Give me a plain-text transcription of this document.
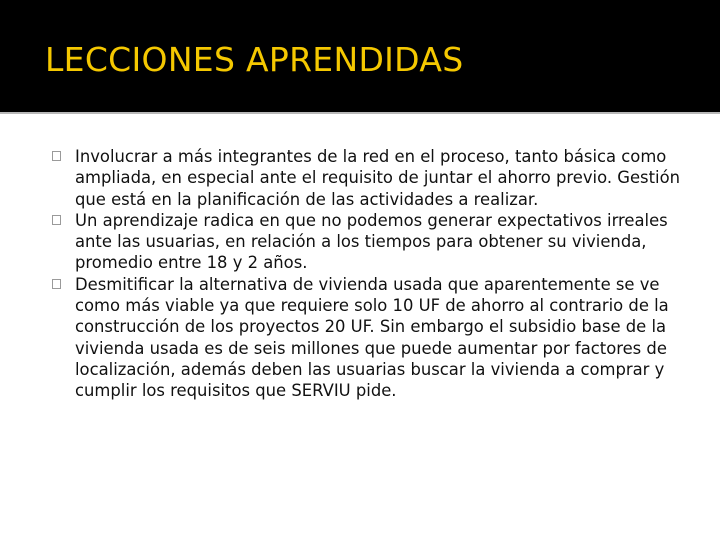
LECCIONES APRENDIDAS
Involucrar a más integrantes de la red en el proceso, tanto básica como ampliada, en especial ante el requisito de juntar el ahorro previo. Gestión que está en la planificación de las actividades a realizar.
Un aprendizaje radica en que no podemos generar expectativos irreales ante las usuarias, en relación a los tiempos para obtener su vivienda, promedio entre 18 y 2 años.
Desmitificar la alternativa de vivienda usada que aparentemente se ve como más viable ya que requiere solo 10 UF de ahorro al contrario de la construcción de los proyectos 20 UF. Sin embargo el subsidio base de la vivienda usada es de seis millones que puede aumentar por factores de localización, además deben las usuarias buscar la vivienda a comprar y cumplir los requisitos que SERVIU pide.
